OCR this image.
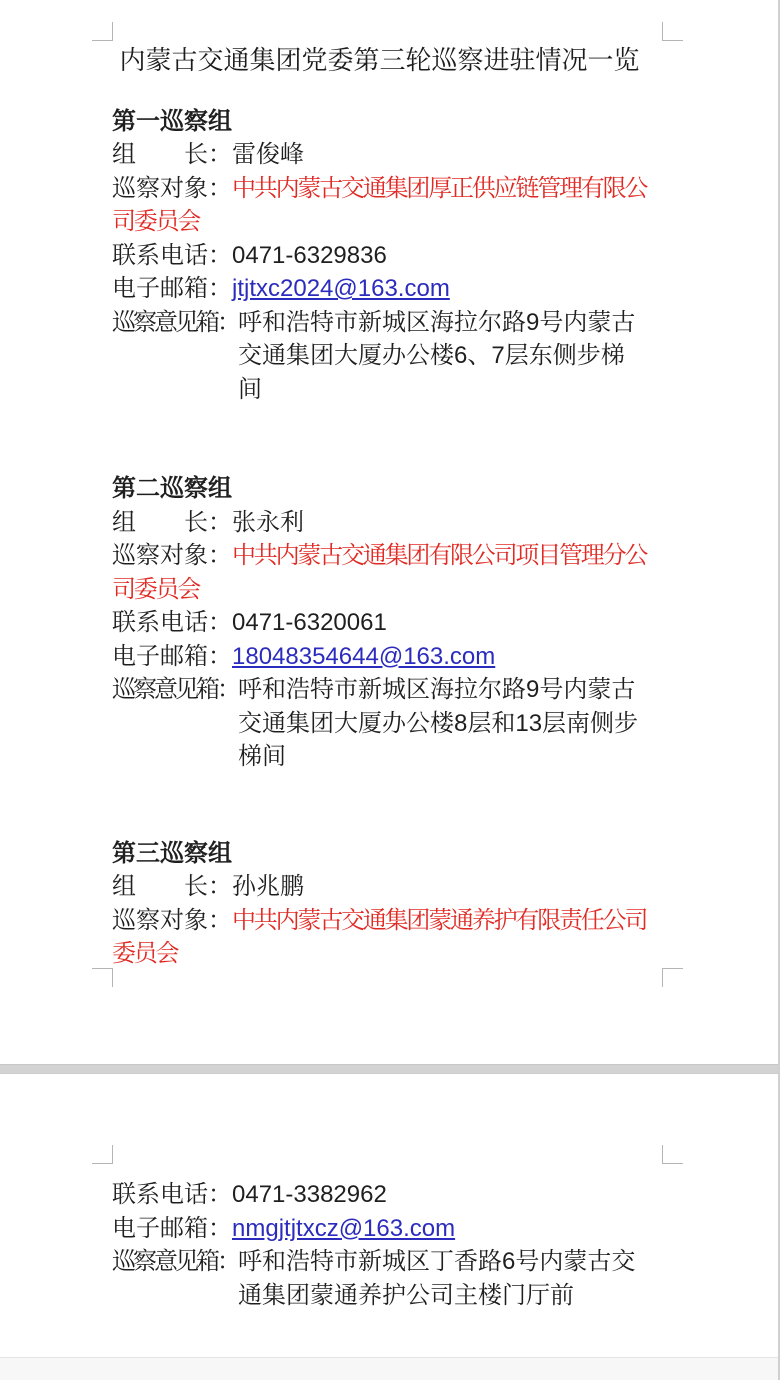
内蒙古交通集团党委第三轮巡察进驻情况一览

第一巡察组

组　　长：雷俊峰

巡察对象：中共内蒙古交通集团厚正供应链管理有限公司委员会

联系电话：0471-6329836

电子邮箱：jtjtxc2024@163.com

巡察意见箱：呼和浩特市新城区海拉尔路9号内蒙古交通集团大厦办公楼6、7层东侧步梯间

第二巡察组

组　　长：张永利

巡察对象：中共内蒙古交通集团有限公司项目管理分公司委员会

联系电话：0471-6320061

电子邮箱：18048354644@163.com

巡察意见箱：呼和浩特市新城区海拉尔路9号内蒙古交通集团大厦办公楼8层和13层南侧步梯间

第三巡察组

组　　长：孙兆鹏

巡察对象：中共内蒙古交通集团蒙通养护有限责任公司委员会

联系电话：0471-3382962

电子邮箱：nmgjtjtxcz@163.com

巡察意见箱：呼和浩特市新城区丁香路6号内蒙古交通集团蒙通养护公司主楼门厅前
